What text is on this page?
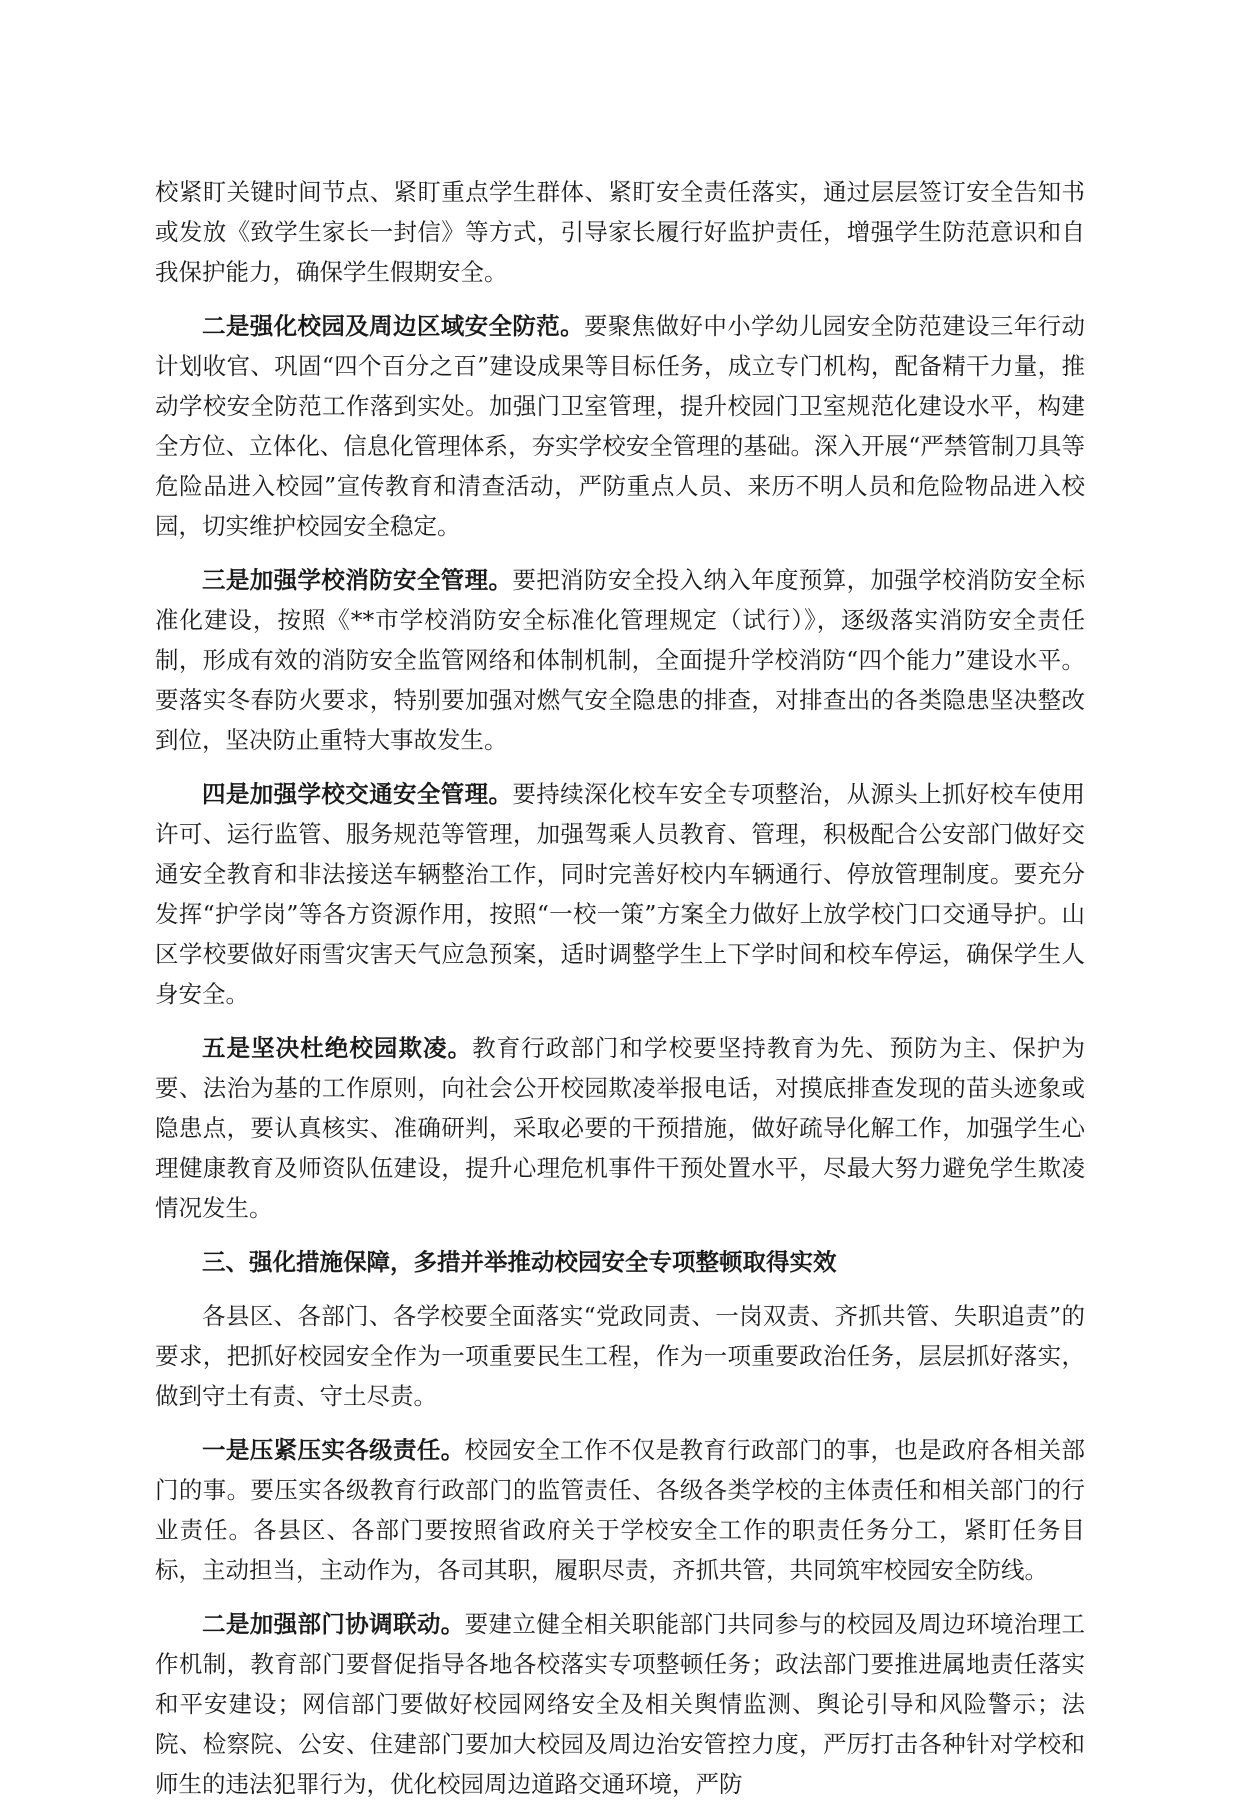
校紧盯关键时间节点、紧盯重点学生群体、紧盯安全责任落实，通过层层签订安全告知书或发放《致学生家长一封信》等方式，引导家长履行好监护责任，增强学生防范意识和自我保护能力，确保学生假期安全。

二是强化校园及周边区域安全防范。要聚焦做好中小学幼儿园安全防范建设三年行动计划收官、巩固“四个百分之百”建设成果等目标任务，成立专门机构，配备精干力量，推动学校安全防范工作落到实处。加强门卫室管理，提升校园门卫室规范化建设水平，构建全方位、立体化、信息化管理体系，夯实学校安全管理的基础。深入开展“严禁管制刀具等危险品进入校园”宣传教育和清查活动，严防重点人员、来历不明人员和危险物品进入校园，切实维护校园安全稳定。

三是加强学校消防安全管理。要把消防安全投入纳入年度预算，加强学校消防安全标准化建设，按照《**市学校消防安全标准化管理规定（试行）》，逐级落实消防安全责任制，形成有效的消防安全监管网络和体制机制，全面提升学校消防“四个能力”建设水平。要落实冬春防火要求，特别要加强对燃气安全隐患的排查，对排查出的各类隐患坚决整改到位，坚决防止重特大事故发生。

四是加强学校交通安全管理。要持续深化校车安全专项整治，从源头上抓好校车使用许可、运行监管、服务规范等管理，加强驾乘人员教育、管理，积极配合公安部门做好交通安全教育和非法接送车辆整治工作，同时完善好校内车辆通行、停放管理制度。要充分发挥“护学岗”等各方资源作用，按照“一校一策”方案全力做好上放学校门口交通导护。山区学校要做好雨雪灾害天气应急预案，适时调整学生上下学时间和校车停运，确保学生人身安全。

五是坚决杜绝校园欺凌。教育行政部门和学校要坚持教育为先、预防为主、保护为要、法治为基的工作原则，向社会公开校园欺凌举报电话，对摸底排查发现的苗头迹象或隐患点，要认真核实、准确研判，采取必要的干预措施，做好疏导化解工作，加强学生心理健康教育及师资队伍建设，提升心理危机事件干预处置水平，尽最大努力避免学生欺凌情况发生。

三、强化措施保障，多措并举推动校园安全专项整顿取得实效

各县区、各部门、各学校要全面落实“党政同责、一岗双责、齐抓共管、失职追责”的要求，把抓好校园安全作为一项重要民生工程，作为一项重要政治任务，层层抓好落实，做到守土有责、守土尽责。

一是压紧压实各级责任。校园安全工作不仅是教育行政部门的事，也是政府各相关部门的事。要压实各级教育行政部门的监管责任、各级各类学校的主体责任和相关部门的行业责任。各县区、各部门要按照省政府关于学校安全工作的职责任务分工，紧盯任务目标，主动担当，主动作为，各司其职，履职尽责，齐抓共管，共同筑牢校园安全防线。

二是加强部门协调联动。要建立健全相关职能部门共同参与的校园及周边环境治理工作机制，教育部门要督促指导各地各校落实专项整顿任务；政法部门要推进属地责任落实和平安建设；网信部门要做好校园网络安全及相关舆情监测、舆论引导和风险警示；法院、检察院、公安、住建部门要加大校园及周边治安管控力度，严厉打击各种针对学校和师生的违法犯罪行为，优化校园周边道路交通环境，严防
